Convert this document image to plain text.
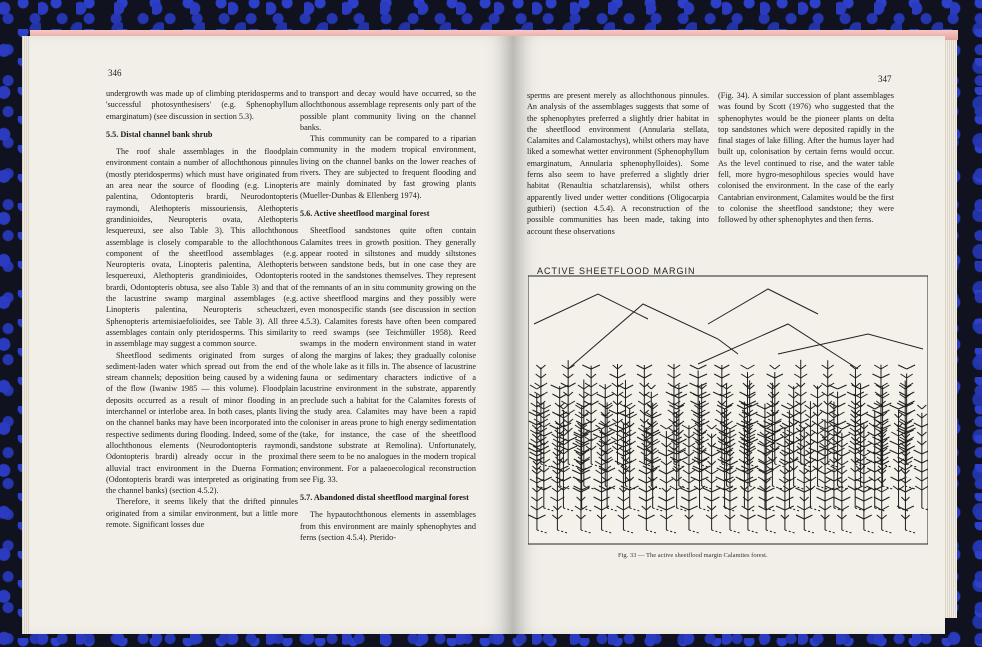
346

undergrowth was made up of climbing pteridosperms and 'successful photosynthesisers' (e.g. Sphenophyllum emarginatum) (see discussion in section 5.3).

5.5. Distal channel bank shrub

The roof shale assemblages in the floodplain environment contain a number of allochthonous pinnules (mostly pteridosperms) which must have originated from an area near the source of flooding (e.g. Linopteris palentina, Odontopteris brardi, Neurodontopteris raymondi, Alethopteris missouriensis, Alethopteris grandinioides, Neuropteris ovata, Alethopteris lesquereuxi, see also Table 3). This allochthonous assemblage is closely comparable to the allochthonous component of the sheetflood assemblages (e.g. Neuropteris ovata, Linopteris palentina, Alethopteris lesquereuxi, Alethopteris grandinioides, Odontopteris brardi, Odontopteris obtusa, see also Table 3) and that of the lacustrine swamp marginal assemblages (e.g. Linopteris palentina, Neuropteris scheuchzeri, Sphenopteris artemisiaefolioides, see Table 3). All three assemblages contain only pteridosperms. This similarity in assemblage may suggest a common source.

Sheetflood sediments originated from surges of sediment-laden water which spread out from the end of stream channels; deposition being caused by a widening of the flow (Iwaniw 1985 — this volume). Floodplain deposits occurred as a result of minor flooding in an interchannel or interlobe area. In both cases, plants living on the channel banks may have been incorporated into the respective sediments during flooding. Indeed, some of the allochthonous elements (Neurodontopteris raymondi, Odontopteris brardi) already occur in the proximal alluvial tract environment in the Duerna Formation; (Odontopteris brardi was interpreted as originating from the channel banks) (section 4.5.2).

Therefore, it seems likely that the drifted pinnules originated from a similar environment, but a little more remote. Significant losses due

to transport and decay would have occurred, so the allochthonous assemblage represents only part of the possible plant community living on the channel banks.

This community can be compared to a riparian community in the modern tropical environment, living on the channel banks on the lower reaches of rivers. They are subjected to frequent flooding and are mainly dominated by fast growing plants (Mueller-Dunbas & Ellenberg 1974).

5.6. Active sheetflood marginal forest

Sheetflood sandstones quite often contain Calamites trees in growth position. They generally appear rooted in siltstones and muddy siltstones between sandstone beds, but in one case they are rooted in the sandstones themselves. They represent the remnants of an in situ community growing on the active sheetflood margins and they possibly were even monospecific stands (see discussion in section 4.5.3). Calamites forests have often been compared to reed swamps (see Teichmüller 1958). Reed swamps in the modern environment stand in water along the margins of lakes; they gradually colonise the whole lake as it fills in. The absence of lacustrine fauna or sedimentary characters indictive of a lacustrine environment in the substrate, apparently preclude such a habitat for the Calamites forests of the study area. Calamites may have been a rapid coloniser in areas prone to high energy sedimentation (take, for instance, the case of the sheetflood sandstone substrate at Remolina). Unfortunately, there seem to be no analogues in the modern tropical environment. For a palaeoecological reconstruction see Fig. 33.

5.7. Abandoned distal sheetflood marginal forest

The hypautochthonous elements in assemblages from this environment are mainly sphenophytes and ferns (section 4.5.4). Pterido-

347

sperms are present merely as allochthonous pinnules. An analysis of the assemblages suggests that some of the sphenophytes preferred a slightly drier habitat in the sheetflood environment (Annularia stellata, Calamites and Calamostachys), whilst others may have liked a somewhat wetter environment (Sphenophyllum emarginatum, Annularia sphenophylloides). Some ferns also seem to have preferred a slightly drier habitat (Renaultia schatzlarensis), whilst others apparently lived under wetter conditions (Oligocarpia gutbieri) (section 4.5.4). A reconstruction of the possible communities has been made, taking into account these observations

(Fig. 34). A similar succession of plant assemblages was found by Scott (1976) who suggested that the sphenophytes would be the pioneer plants on delta top sandstones which were deposited rapidly in the final stages of lake filling. After the humus layer had built up, colonisation by certain ferns would occur. As the level continued to rise, and the water table fell, more hygro-mesophilous species would have colonised the environment. In the case of the early Cantabrian environment, Calamites would be the first to colonise the sheetflood sandstone; they were followed by other sphenophytes and then ferns.

ACTIVE SHEETFLOOD MARGIN
Fig. 33 — The active sheetflood margin Calamites forest.
